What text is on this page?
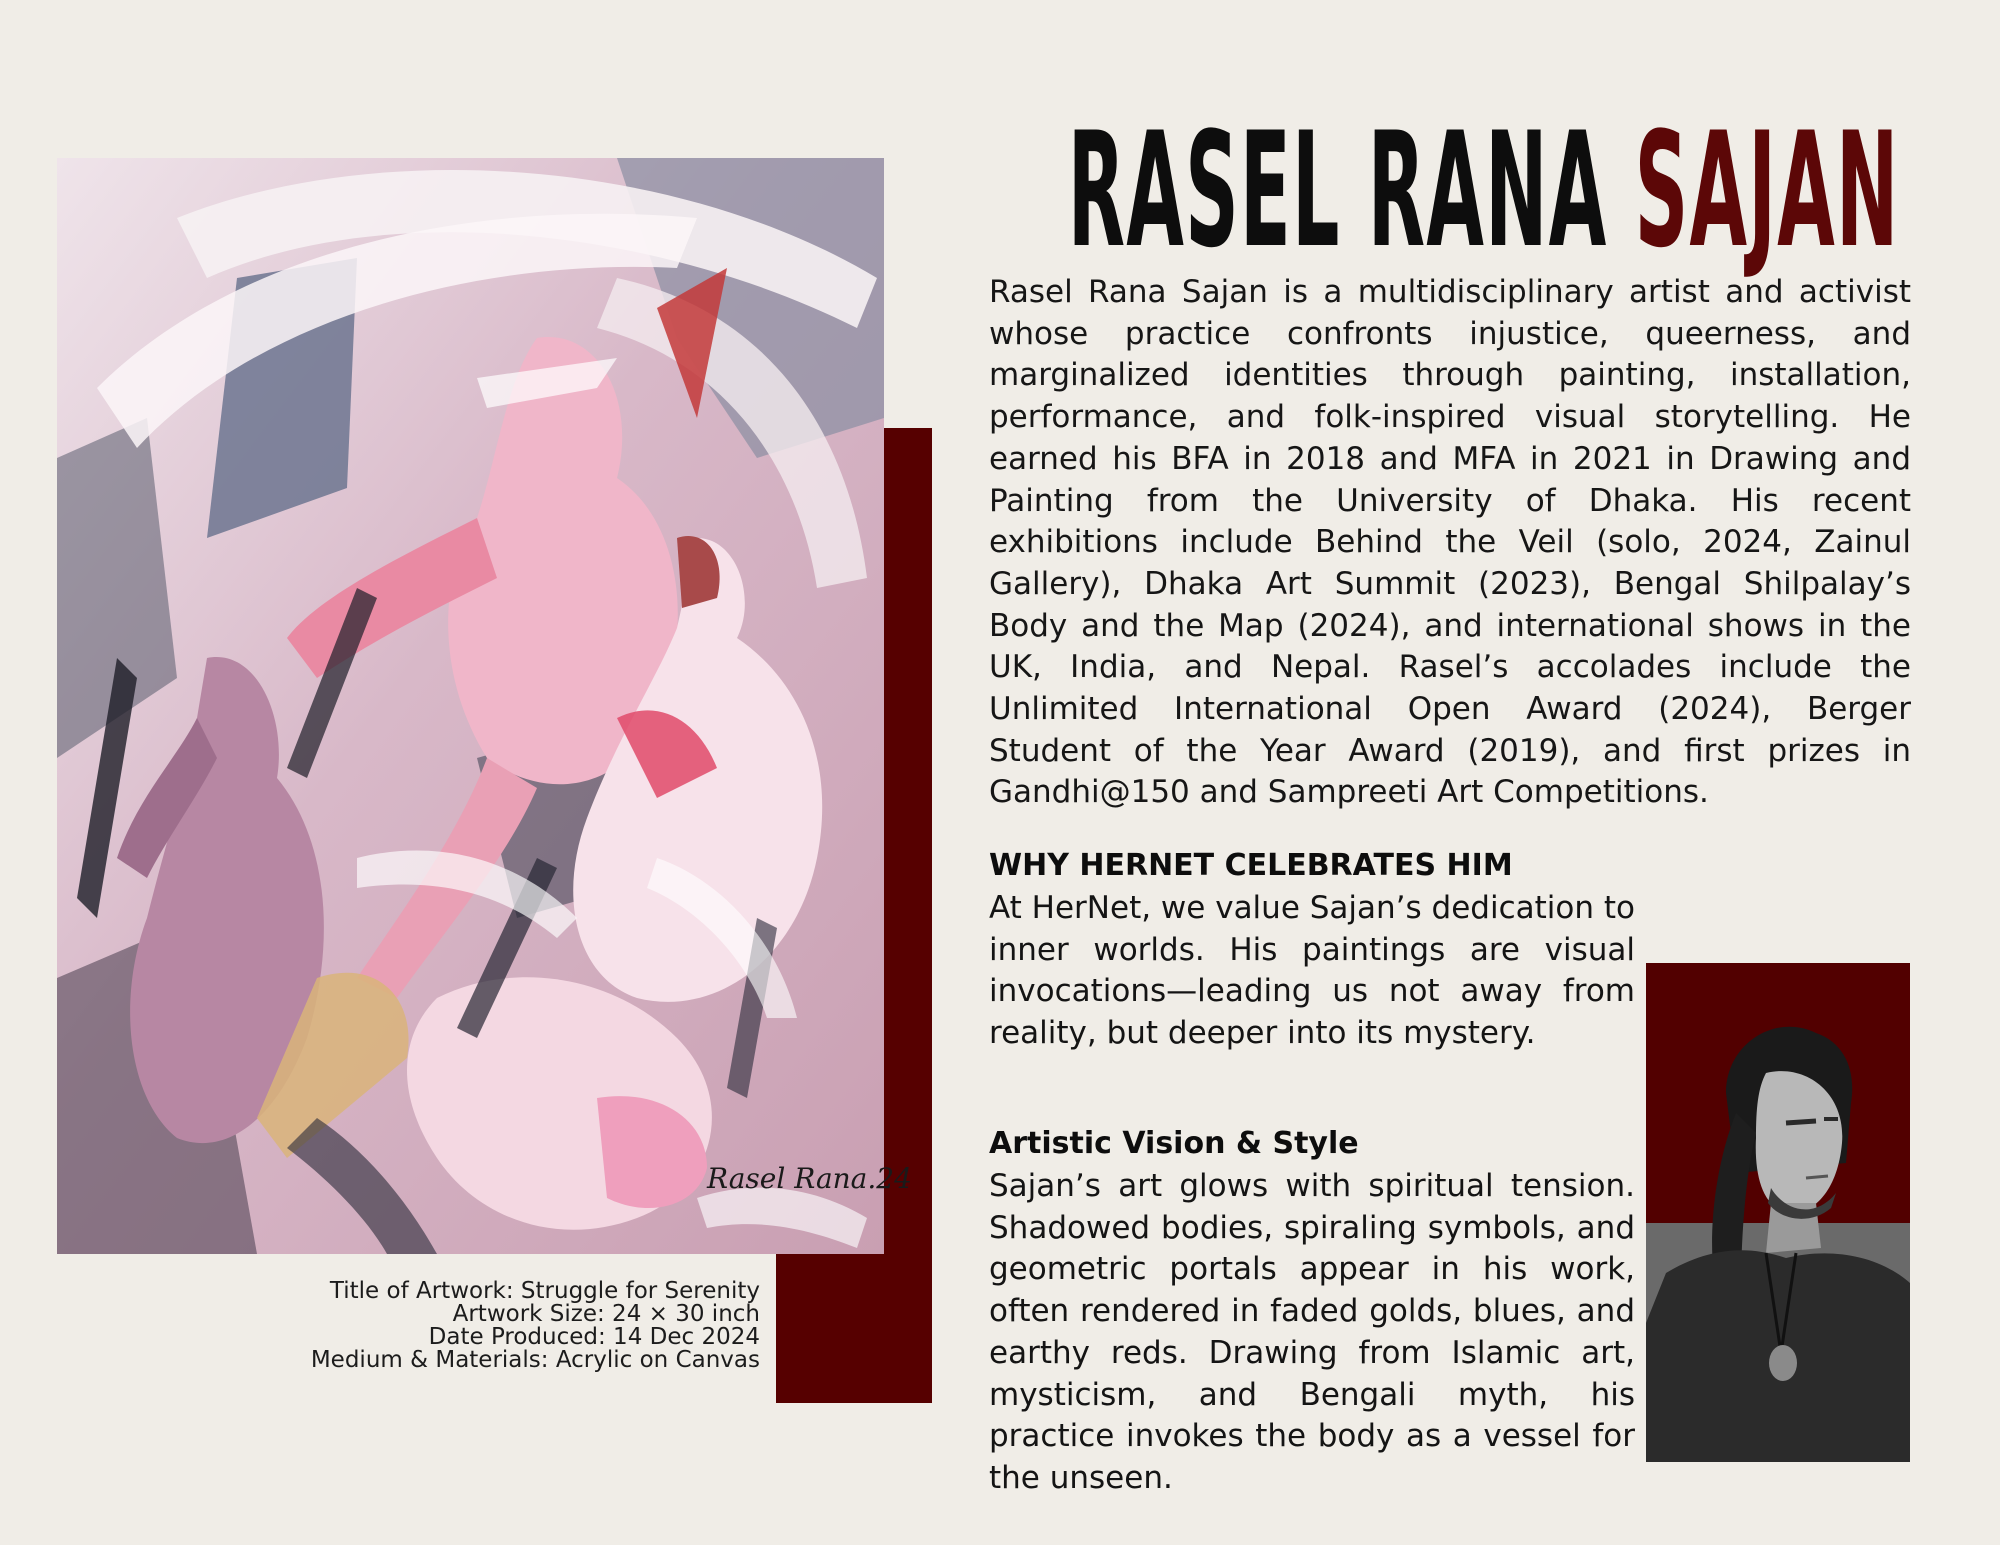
Rasel Rana.24
Title of Artwork: Struggle for Serenity
Artwork Size: 24 × 30 inch
Date Produced: 14 Dec 2024
Medium & Materials: Acrylic on Canvas
RASEL RANA SAJAN
Rasel Rana Sajan is a multidisciplinary artist and activist whose practice confronts injustice, queerness, and marginalized identities through painting, installation, performance, and folk-inspired visual storytelling. He earned his BFA in 2018 and MFA in 2021 in Drawing and Painting from the University of Dhaka. His recent exhibitions include Behind the Veil (solo, 2024, Zainul Gallery), Dhaka Art Summit (2023), Bengal Shilpalay’s Body and the Map (2024), and international shows in the UK, India, and Nepal. Rasel’s accolades include the Unlimited International Open Award (2024), Berger Student of the Year Award (2019), and first prizes in Gandhi@150 and Sampreeti Art Competitions.
WHY HERNET CELEBRATES HIM
At HerNet, we value Sajan’s dedication to inner worlds. His paintings are visual invocations—leading us not away from reality, but deeper into its mystery.
Artistic Vision & Style
Sajan’s art glows with spiritual tension. Shadowed bodies, spiraling symbols, and geometric portals appear in his work, often rendered in faded golds, blues, and earthy reds. Drawing from Islamic art, mysticism, and Bengali myth, his practice invokes the body as a vessel for the unseen.
